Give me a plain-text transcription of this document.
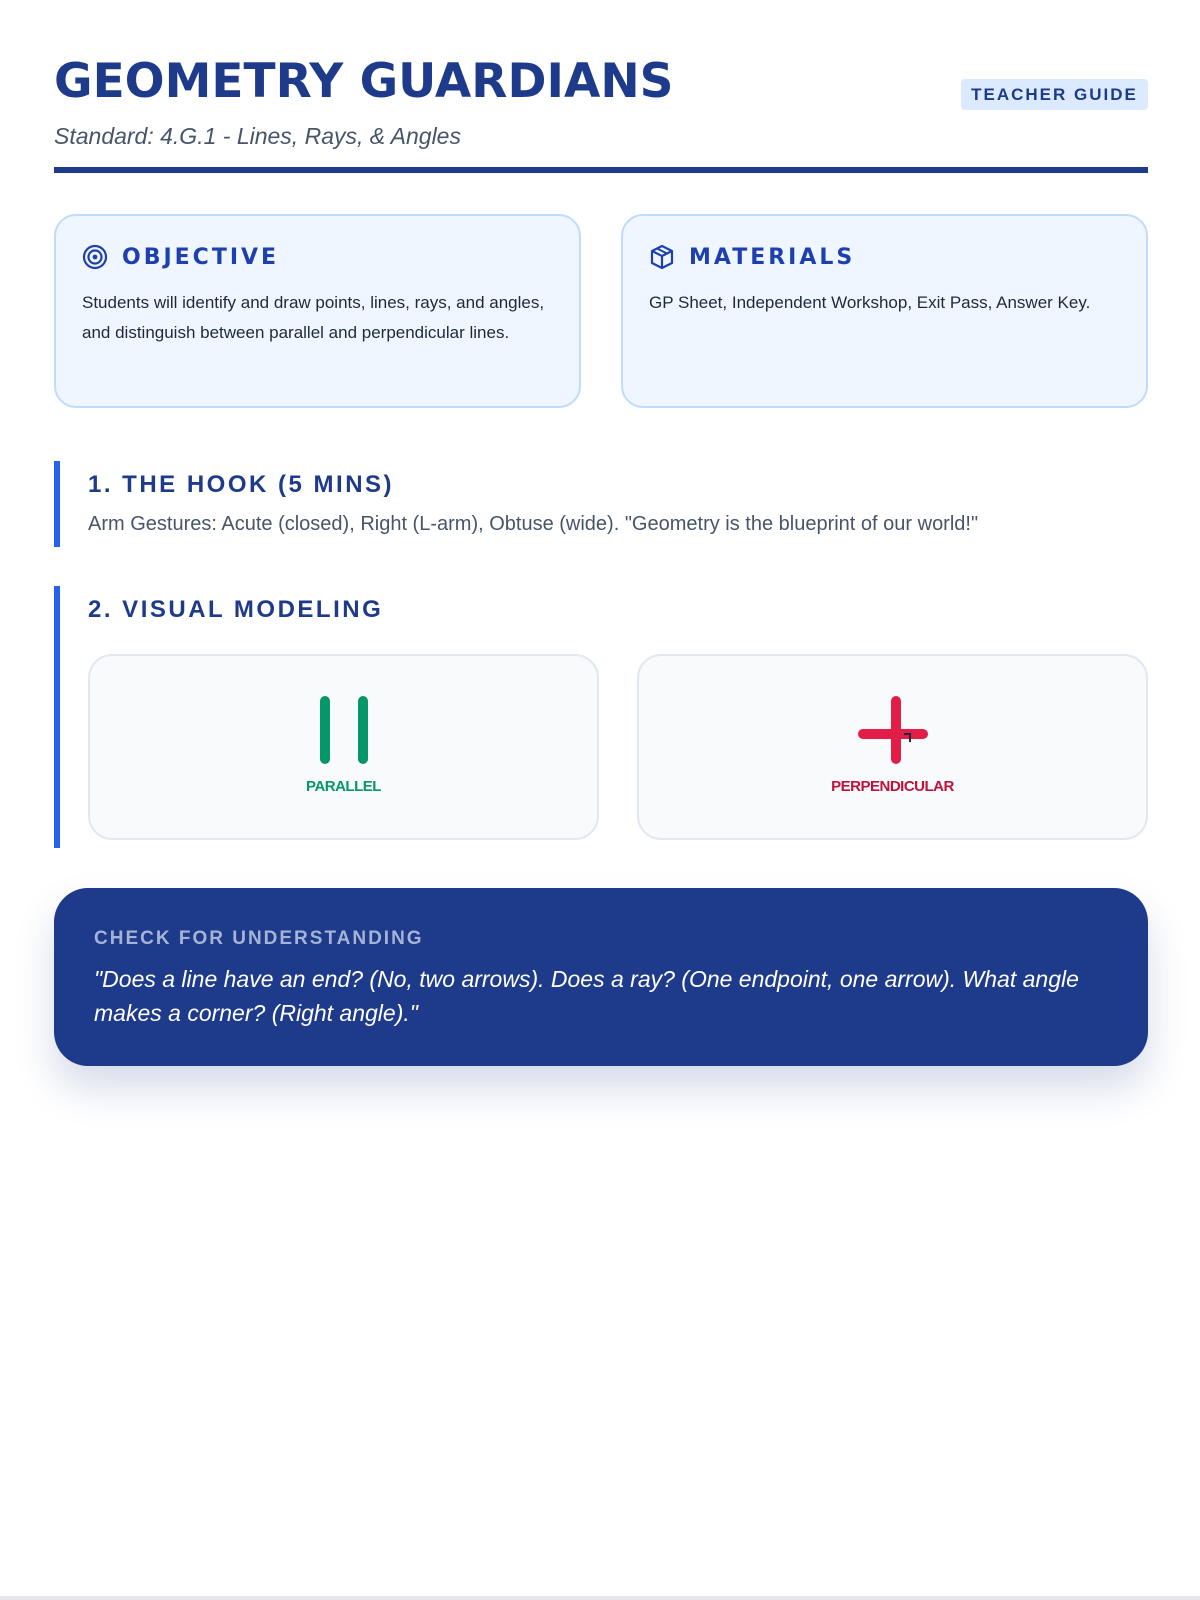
GEOMETRY GUARDIANS
Standard: 4.G.1 - Lines, Rays, & Angles
TEACHER GUIDE
OBJECTIVE
Students will identify and draw points, lines, rays, and angles, and distinguish between parallel and perpendicular lines.
MATERIALS
GP Sheet, Independent Workshop, Exit Pass, Answer Key.
1. THE HOOK (5 MINS)
Arm Gestures: Acute (closed), Right (L-arm), Obtuse (wide). "Geometry is the blueprint of our world!"
2. VISUAL MODELING
PARALLEL	PERPENDICULAR
CHECK FOR UNDERSTANDING
"Does a line have an end? (No, two arrows). Does a ray? (One endpoint, one arrow). What angle makes a corner? (Right angle)."
